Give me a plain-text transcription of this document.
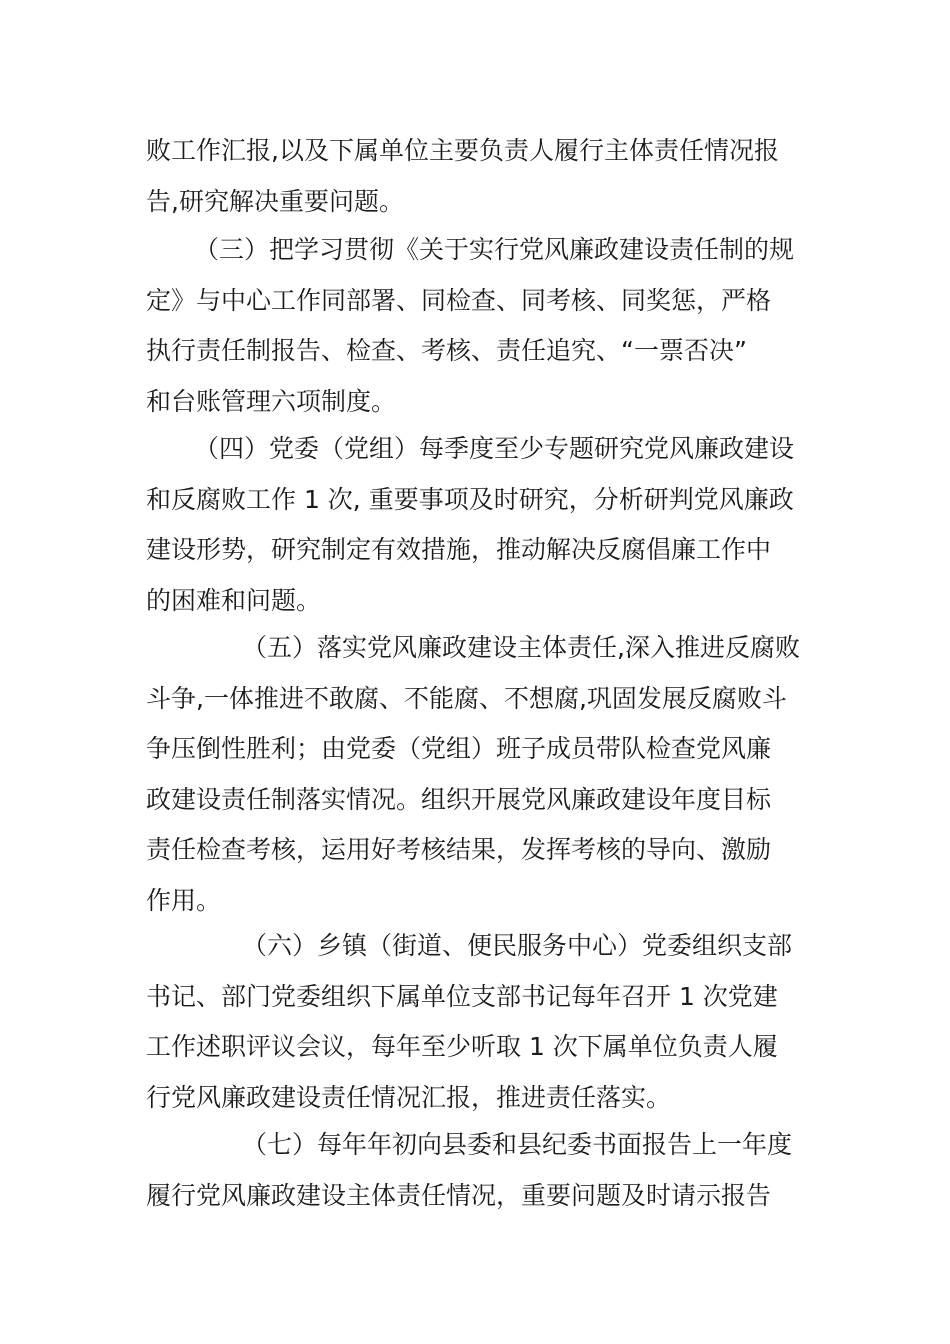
败工作汇报,以及下属单位主要负责人履行主体责任情况报
告,研究解决重要问题。
（三）把学习贯彻《关于实行党风廉政建设责任制的规
定》与中心工作同部署、同检查、同考核、同奖惩，严格
执行责任制报告、检查、考核、责任追究、“一票否决”
和台账管理六项制度。
（四）党委（党组）每季度至少专题研究党风廉政建设
和反腐败工作 1 次, 重要事项及时研究，分析研判党风廉政
建设形势，研究制定有效措施，推动解决反腐倡廉工作中
的困难和问题。
（五）落实党风廉政建设主体责任,深入推进反腐败
斗争,一体推进不敢腐、不能腐、不想腐,巩固发展反腐败斗
争压倒性胜利；由党委（党组）班子成员带队检查党风廉
政建设责任制落实情况。组织开展党风廉政建设年度目标
责任检查考核，运用好考核结果，发挥考核的导向、激励
作用。
（六）乡镇（街道、便民服务中心）党委组织支部
书记、部门党委组织下属单位支部书记每年召开 1 次党建
工作述职评议会议，每年至少听取 1 次下属单位负责人履
行党风廉政建设责任情况汇报，推进责任落实。
（七）每年年初向县委和县纪委书面报告上一年度
履行党风廉政建设主体责任情况，重要问题及时请示报告
